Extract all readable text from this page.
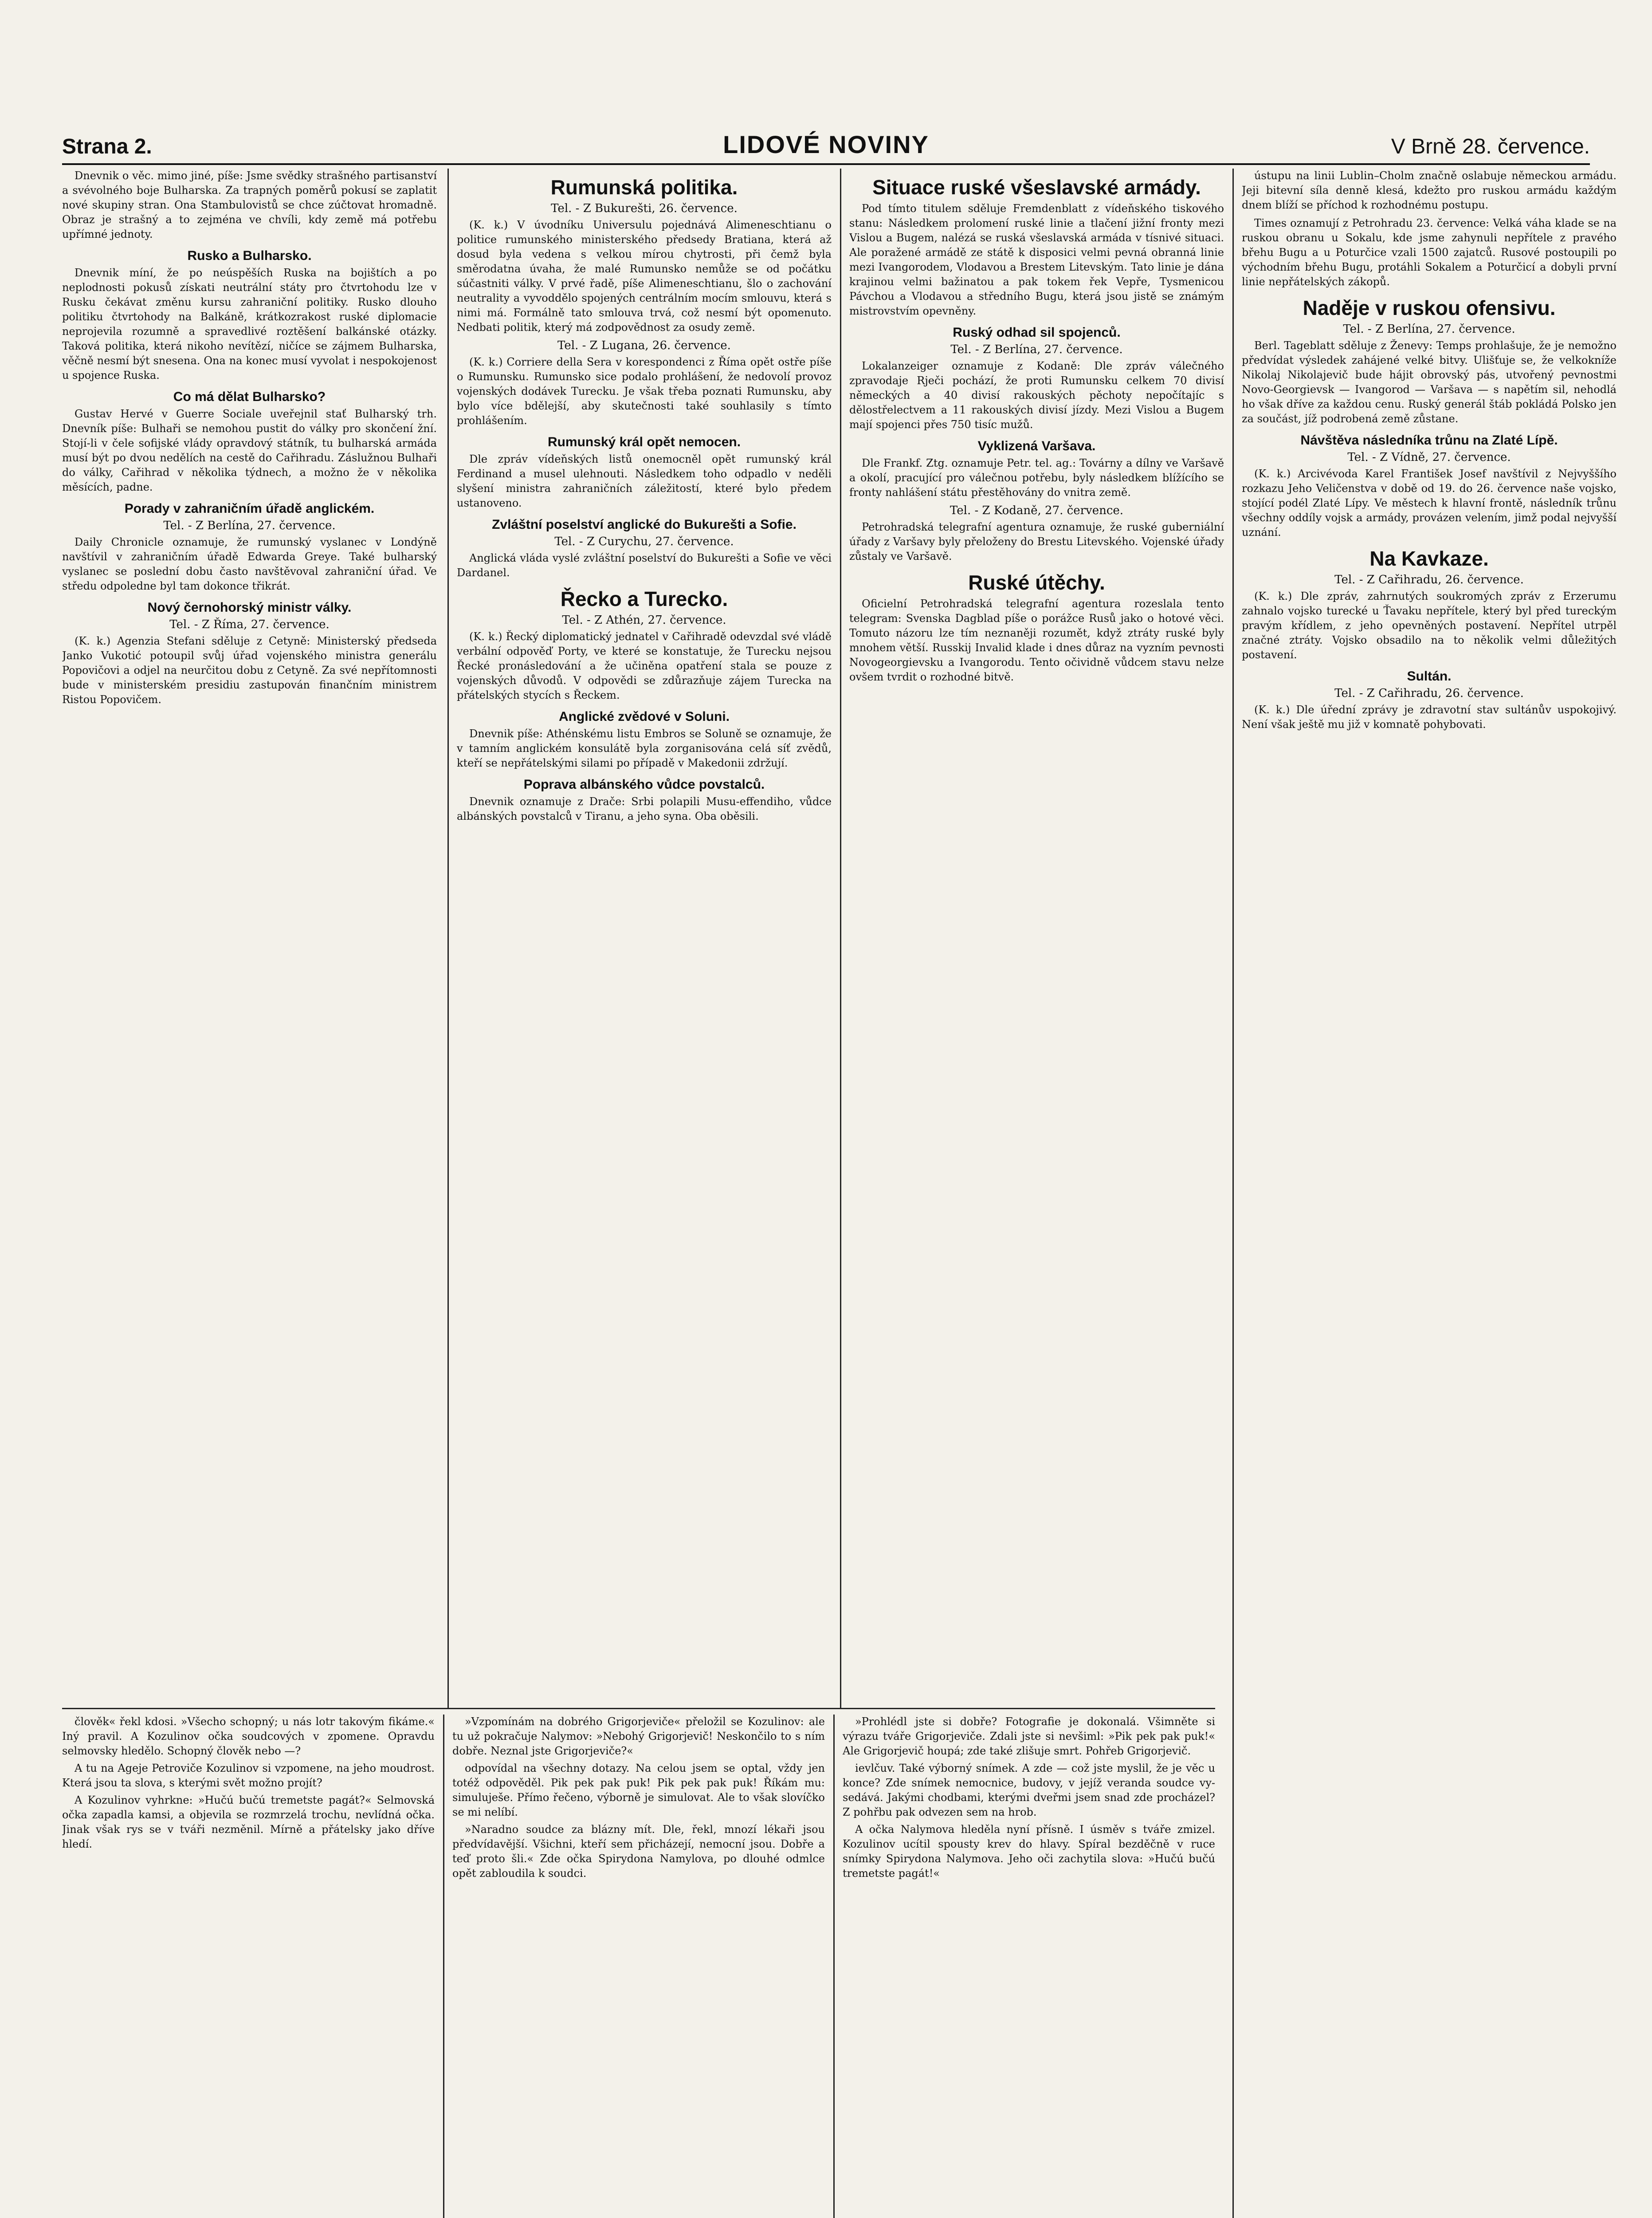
Strana 2.	LIDOVÉ NOVINY	V Brně 28. července.

Dnevnik o věc. mimo jiné, píše: Jsme svědky strašného partisanství a svévolného boje Bulharska. Za trapných poměrů pokusí se zaplatit nové skupiny stran. Ona Stambulovistů se chce zúčtovat hromadně. Obraz je strašný a to zejména ve chvíli, kdy země má potřebu upřímné jednoty.

Rusko a Bulharsko.

Dnevnik míní, že po neúspěších Ruska na bojištích a po neplodnosti pokusů získati neutrální státy pro čtvrtohodu lze v Rusku čekávat změnu kursu zahraniční politiky. Rusko dlouho politiku čtvrtohody na Balkáně, krátkozrakost ruské diplomacie neprojevila rozumně a spravedlivé roztěšení balkánské otázky. Taková politika, která nikoho nevítězí, ničíce se zájmem Bulharska, věčně nesmí být snesena. Ona na konec musí vyvolat i nespokojenost u spojence Ruska.

Co má dělat Bulharsko?

Gustav Hervé v Guerre Sociale uveřejnil stať Bulharský trh. Dnevník píše: Bulhaři se nemohou pustit do války pro skončení žní. Stojí-li v čele sofijské vlády opravdový státník, tu bulharská armáda musí být po dvou nedělích na cestě do Cařihradu. Záslužnou Bulhaři do války, Cařihrad v několika týdnech, a možno že v několika měsících, padne.

Porady v zahraničním úřadě anglickém.
Tel. - Z Berlína, 27. července.

Daily Chronicle oznamuje, že rumunský vyslanec v Londýně navštívil v zahraničním úřadě Edwarda Greye. Také bulharský vyslanec se poslední dobu často navštěvoval zahraniční úřad. Ve středu odpoledne byl tam dokonce třikrát.

Nový černohorský ministr války.
Tel. - Z Říma, 27. července.

(K. k.) Agenzia Stefani sděluje z Cetyně: Ministerský předseda Janko Vukotić potoupil svůj úřad vojenského ministra generálu Popovičovi a odjel na neurčitou dobu z Cetyně. Za své nepřítomnosti bude v ministerském presidiu zastupován finančním ministrem Ristou Popovičem.

Rumunská politika.
Tel. - Z Bukurešti, 26. července.

(K. k.) V úvodníku Universulu pojednává Alimeneschtianu o politice rumunského ministerského předsedy Bratiana, která až dosud byla vedena s velkou mírou chytrosti, při čemž byla směrodatna úvaha, že malé Rumunsko nemůže se od počátku súčastniti války. V prvé řadě, píše Alimeneschtianu, šlo o zachování neutrality a vyvoddělo spojených centrálním mocím smlouvu, která s nimi má. Formálně tato smlouva trvá, což nesmí být opomenuto. Nedbati politik, který má zodpovědnost za osudy země.

Tel. - Z Lugana, 26. července.

(K. k.) Corriere della Sera v korespondenci z Říma opět ostře píše o Rumunsku. Rumunsko sice podalo prohlášení, že nedovolí provoz vojenských dodávek Turecku. Je však třeba poznati Rumunsku, aby bylo více bdělejší, aby skutečnosti také souhlasily s tímto prohlášením.

Rumunský král opět nemocen.

Dle zpráv vídeňských listů onemocněl opět rumunský král Ferdinand a musel ulehnouti. Následkem toho odpadlo v neděli slyšení ministra zahraničních záležitostí, které bylo předem ustanoveno.

Zvláštní poselství anglické do Bukurešti a Sofie.
Tel. - Z Curychu, 27. července.

Anglická vláda vyslé zvláštní poselství do Bukurešti a Sofie ve věci Dardanel.

Řecko a Turecko.
Tel. - Z Athén, 27. července.

(K. k.) Řecký diplomatický jednatel v Cařihradě odevzdal své vládě verbální odpověď Porty, ve které se konstatuje, že Turecku nejsou Řecké pronásledování a že učiněna opatření stala se pouze z vojenských důvodů. V odpovědi se zdůrazňuje zájem Turecka na přátelských stycích s Řeckem.

Anglické zvědové v Soluni.

Dnevnik píše: Athénskému listu Embros se Soluně se oznamuje, že v tamním anglickém konsulátě byla zorganisována celá síť zvědů, kteří se nepřátelskými silami po případě v Makedonii zdržují.

Poprava albánského vůdce povstalců.

Dnevnik oznamuje z Drače: Srbi polapili Musu-effendiho, vůdce albánských povstalců v Tiranu, a jeho syna. Oba oběsili.

Situace ruské všeslavské armády.

Pod tímto titulem sděluje Fremdenblatt z vídeňského tiskového stanu: Následkem prolomení ruské linie a tlačení jižní fronty mezi Vislou a Bugem, nalézá se ruská všeslavská armáda v tísnivé situaci. Ale poražené armádě ze státě k disposici velmi pevná obranná linie mezi Ivangorodem, Vlodavou a Brestem Litevským. Tato linie je dána krajinou velmi bažinatou a pak tokem řek Vepře, Tysmenicou Pávchou a Vlodavou a středního Bugu, která jsou jistě se známým mistrovstvím opevněny.

Ruský odhad sil spojenců.
Tel. - Z Berlína, 27. července.

Lokalanzeiger oznamuje z Kodaně: Dle zpráv válečného zpravodaje Rječi pochází, že proti Rumunsku celkem 70 divisí německých a 40 divisí rakouských pěchoty nepočítajíc s dělostřelectvem a 11 rakouských divisí jízdy. Mezi Vislou a Bugem mají spojenci přes 750 tisíc mužů.

Vyklizená Varšava.

Dle Frankf. Ztg. oznamuje Petr. tel. ag.: Továrny a dílny ve Varšavě a okolí, pracující pro válečnou potřebu, byly následkem blížícího se fronty nahlášení státu přestěhovány do vnitra země.

Tel. - Z Kodaně, 27. července.

Petrohradská telegrafní agentura oznamuje, že ruské guberniální úřady z Varšavy byly přeloženy do Brestu Litevského. Vojenské úřady zůstaly ve Varšavě.

Ruské útěchy.

Oficielní Petrohradská telegrafní agentura rozeslala tento telegram: Svenska Dagblad píše o porážce Rusů jako o hotové věci. Tomuto názoru lze tím neznaněji rozumět, když ztráty ruské byly mnohem větší. Russkij Invalid klade i dnes důraz na vyzním pevnosti Novogeorgievsku a Ivangorodu. Tento očividně vůdcem stavu nelze ovšem tvrdit o rozhodné bitvě.

ústupu na linii Lublin–Cholm značně oslabuje německou armádu. Jeji bitevní síla denně klesá, kdežto pro ruskou armádu každým dnem blíží se příchod k rozhodnému postupu.

Times oznamují z Petrohradu 23. července: Velká váha klade se na ruskou obranu u Sokalu, kde jsme zahynuli nepřítele z pravého břehu Bugu a u Poturčice vzali 1500 zajatců. Rusové postoupili po východním břehu Bugu, protáhli Sokalem a Poturčicí a dobyli první linie nepřátelských zákopů.

Naděje v ruskou ofensivu.
Tel. - Z Berlína, 27. července.

Berl. Tageblatt sděluje z Ženevy: Temps prohlašuje, že je nemožno předvídat výsledek zahájené velké bitvy. Ulišťuje se, že velkokníže Nikolaj Nikolajevič bude hájit obrovský pás, utvořený pevnostmi Novo-Georgievsk — Ivangorod — Varšava — s napětím sil, nehodlá ho však dříve za každou cenu. Ruský generál štáb pokládá Polsko jen za součást, jíž podrobená země zůstane.

Návštěva následníka trůnu na Zlaté Lípě.
Tel. - Z Vídně, 27. července.

(K. k.) Arcivévoda Karel František Josef navštívil z Nejvyššího rozkazu Jeho Veličenstva v době od 19. do 26. července naše vojsko, stojící podél Zlaté Lípy. Ve městech k hlavní frontě, následník trůnu všechny oddíly vojsk a armády, provázen velením, jimž podal nejvyšší uznání.

Na Kavkaze.
Tel. - Z Cařihradu, 26. července.

(K. k.) Dle zpráv, zahrnutých soukromých zpráv z Erzerumu zahnalo vojsko turecké u Ťavaku nepřítele, který byl před tureckým pravým křídlem, z jeho opevněných postavení. Nepřítel utrpěl značné ztráty. Vojsko obsadilo na to několik velmi důležitých postavení.

Sultán.
Tel. - Z Cařihradu, 26. července.

(K. k.) Dle úřední zprávy je zdravotní stav sultánův uspokojivý. Není však ještě mu již v komnatě pohybovati.

člověk« řekl kdosi. »Všecho schopný; u nás lotr takovým fikáme.« Iný pravil. A Kozulinov očka soudcových v zpomene. Opravdu selmovsky hledělo. Schopný člověk nebo —?

A tu na Ageje Petroviče Kozulinov si vzpomene, na jeho moudrost. Která jsou ta slova, s kterými svět možno projít?

A Kozulinov vyhrkne: »Hučú bučú tremetste pagát?« Selmovská očka zapadla kamsi, a objevila se rozmrzelá trochu, nevlídná očka. Jinak však rys se v tváři nezměnil. Mírně a přátelsky jako dříve hledí.

»Vzpomínám na dobrého Grigorjeviče« přeložil se Kozulinov: ale tu už pokračuje Nalymov: »Nebohý Grigorjevič! Neskončilo to s ním dobře. Neznal jste Grigorjeviče?«

odpovídal na všechny dotazy. Na celou jsem se optal, vždy jen totéž odpověděl. Pik pek pak puk! Pik pek pak puk! Říkám mu: simuluješe. Přímo řečeno, výborně je simulovat. Ale to však slovíčko se mi nelíbí.

»Naradno soudce za blázny mít. Dle, řekl, mnozí lékaři jsou předvídavější. Všichni, kteří sem přicházejí, nemocní jsou. Dobře a teď proto šli.« Zde očka Spirydona Namylova, po dlouhé odmlce opět zabloudila k soudci.

»Prohlédl jste si dobře? Fotografie je dokonalá. Všimněte si výrazu tváře Grigorjeviče. Zdali jste si nevšiml: »Pik pek pak puk!« Ale Grigorjevič houpá; zde také zlišuje smrt. Pohřeb Grigorjevič.

ievlčuv. Také výborný snímek. A zde — což jste myslil, že je věc u konce? Zde snímek nemocnice, budovy, v jejíž veranda soudce vy- sedává. Jakými chodbami, kterými dveřmi jsem snad zde procházel? Z pohřbu pak odvezen sem na hrob.

A očka Nalymova hleděla nyní přísně. I úsměv s tváře zmizel. Kozulinov ucítil spousty krev do hlavy. Spíral bezděčně v ruce snímky Spirydona Nalymova. Jeho oči zachytila slova: »Hučú bučú tremetste pagát!«
